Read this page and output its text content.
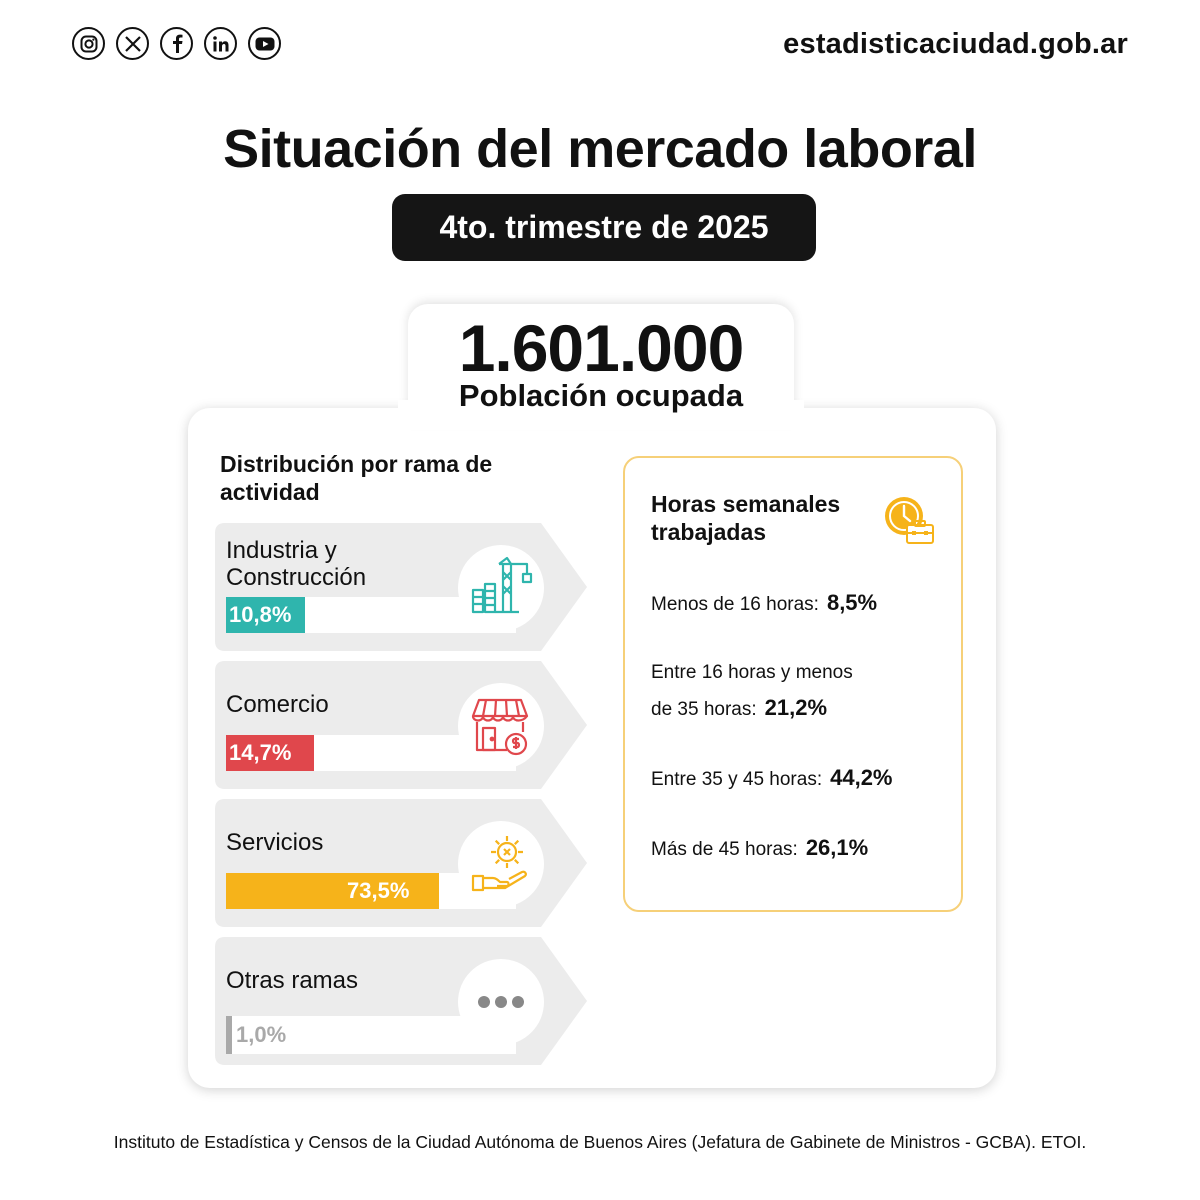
estadisticaciudad.gob.ar
Situación del mercado laboral
4to. trimestre de 2025
1.601.000
Población ocupada
Distribución por rama de actividad
Industria y Construcción
10,8%
Comercio
14,7%
Servicios
73,5%
Otras ramas
1,0%
Horas semanales trabajadas
Menos de 16 horas: 8,5%
Entre 16 horas y menos
de 35 horas: 21,2%
Entre 35 y 45 horas: 44,2%
Más de 45 horas: 26,1%
Instituto de Estadística y Censos de la Ciudad Autónoma de Buenos Aires (Jefatura de Gabinete de Ministros - GCBA). ETOI.
